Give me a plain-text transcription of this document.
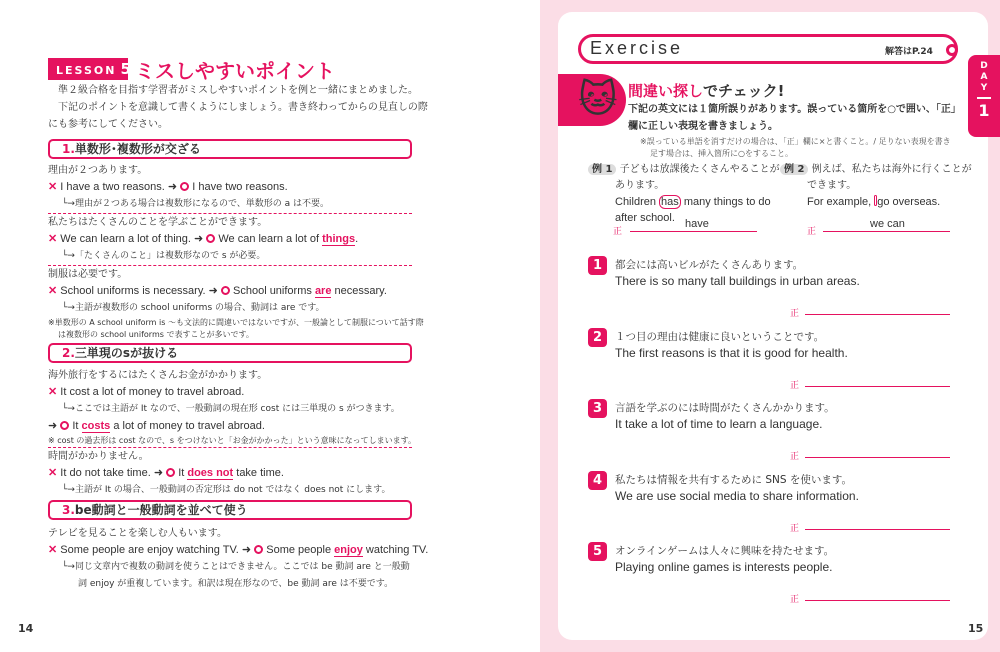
LESSON 5 ミスしやすいポイント
準２級合格を目指す学習者がミスしやすいポイントを例と一緒にまとめました。
下記のポイントを意識して書くようにしましょう。書き終わってからの見直しの際
にも参考にしてください。
1.単数形･複数形が交ざる
理由が２つあります。
✕ I have a two reasons. ➜ I have two reasons.
└→理由が２つある場合は複数形になるので、単数形の a は不要。
私たちはたくさんのことを学ぶことができます。
✕ We can learn a lot of thing. ➜  We can learn a lot of things.
└→「たくさんのこと」は複数形なので s が必要。
制服は必要です。
✕ School uniforms is necessary. ➜  School uniforms are necessary.
└→主語が複数形の school uniforms の場合、動詞は are です。
※単数形の A school uniform is ～も文法的に間違いではないですが、一般論として制服について話す際
は複数形の school uniforms で表すことが多いです。
2.三単現のsが抜ける
海外旅行をするにはたくさんお金がかかります。
✕ It cost a lot of money to travel abroad.
└→ここでは主語が It なので、一般動詞の現在形 cost には三単現の s がつきます。
➜  It costs a lot of money to travel abroad.
※ cost の過去形は cost なので、s をつけないと「お金がかかった」という意味になってしまいます。
時間がかかりません。
✕ It do not take time. ➜  It does not take time.
└→主語が It の場合、一般動詞の否定形は do not ではなく does not にします。
3.be動詞と一般動詞を並べて使う
テレビを見ることを楽しむ人もいます。
✕ Some people are enjoy watching TV. ➜  Some people enjoy watching TV.
└→同じ文章内で複数の動詞を使うことはできません。ここでは be 動詞 are と一般動
詞 enjoy が重複しています。和訳は現在形なので、be 動詞 are は不要です。
14
Exercise	解答はP.24
DAY
1
🐱 間違い探しでチェック!
下記の英文には１箇所誤りがあります。誤っている箇所を○で囲い、「正」
欄に正しい表現を書きましょう。
※誤っている単語を消すだけの場合は、「正」欄に×と書くこと。/ 足りない表現を書き
足す場合は、挿入箇所に○をすること。
例 1 子どもは放課後たくさんやることが
あります。
Children has many things to do
after school.
正
have
例 2 例えば、私たちは海外に行くことが
できます。
For example, go overseas.
正
we can
1	都会には高いビルがたくさんあります。
There is so many tall buildings in urban areas.
正
2	１つ目の理由は健康に良いということです。
The first reasons is that it is good for health.
正
3	言語を学ぶのには時間がたくさんかかります。
It take a lot of time to learn a language.
正
4	私たちは情報を共有するために SNS を使います。
We are use social media to share information.
正
5	オンラインゲームは人々に興味を持たせます。
Playing online games is interests people.
正
15
